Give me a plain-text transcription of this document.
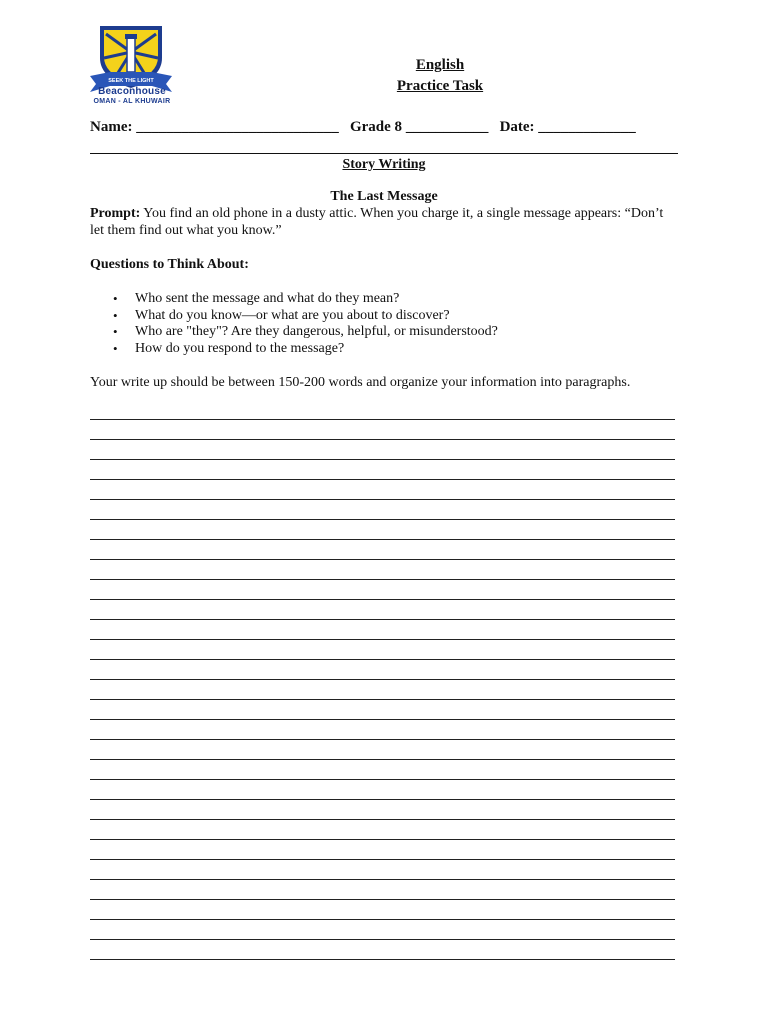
SEEK THE LIGHT
Beaconhouse
OMAN - AL KHUWAIR
English
Practice Task
Name: ___________________________ Grade 8 ___________ Date: _____________
Story Writing
The Last Message
Prompt: You find an old phone in a dusty attic. When you charge it, a single message appears: “Don’t let them find out what you know.”
Questions to Think About:
• Who sent the message and what do they mean?
• What do you know—or what are you about to discover?
• Who are "they"? Are they dangerous, helpful, or misunderstood?
• How do you respond to the message?
Your write up should be between 150-200 words and organize your information into paragraphs.
